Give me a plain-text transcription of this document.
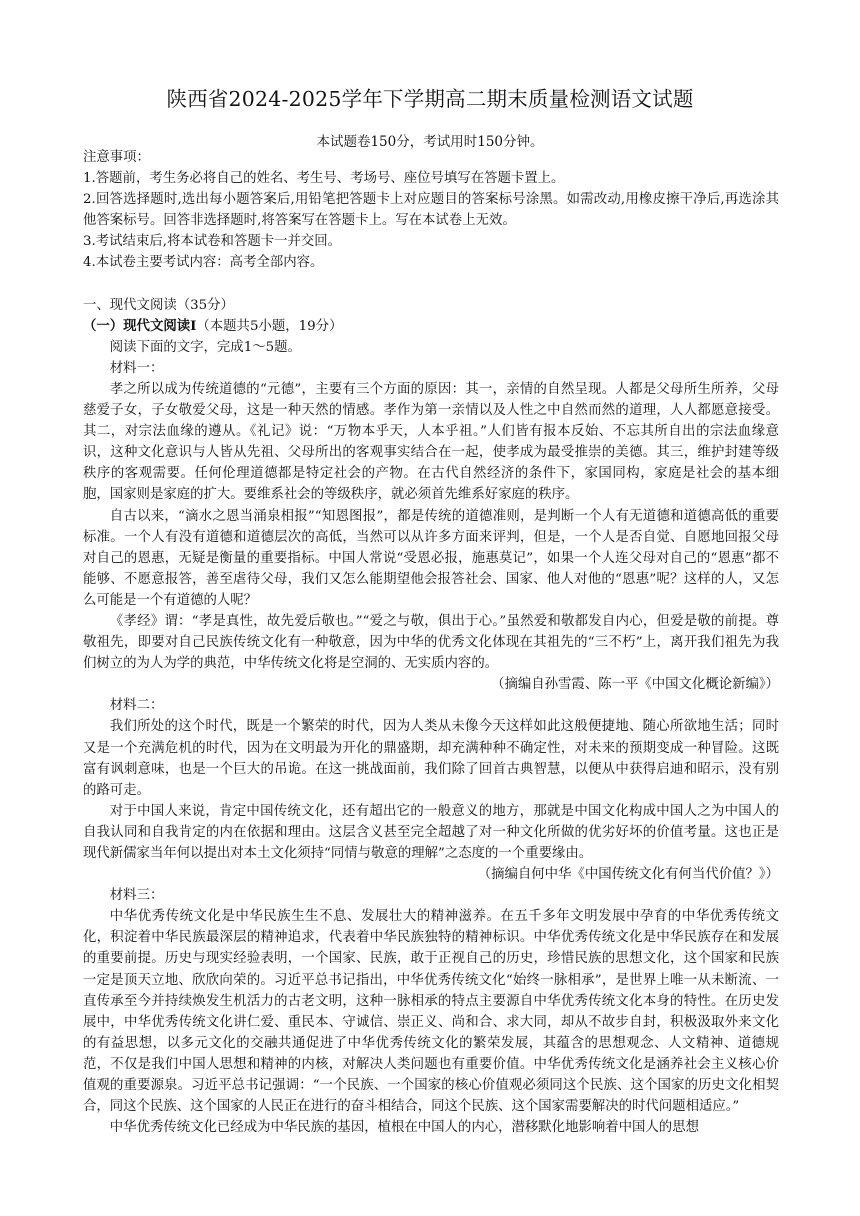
陕西省2024-2025学年下学期高二期末质量检测语文试题
本试题卷150分，考试用时150分钟。

注意事项：

1.答题前，考生务必将自己的姓名、考生号、考场号、座位号填写在答题卡置上。

2.回答选择题时,选出每小题答案后,用铅笔把答题卡上对应题目的答案标号涂黑。如需改动,用橡皮擦干净后,再选涂其他答案标号。回答非选择题时,将答案写在答题卡上。写在本试卷上无效。

3.考试结束后,将本试卷和答题卡一并交回。

4.本试卷主要考试内容：高考全部内容。

一、现代文阅读（35分）

（一）现代文阅读Ⅰ（本题共5小题，19分）

阅读下面的文字，完成1～5题。

材料一：

孝之所以成为传统道德的“元德”，主要有三个方面的原因：其一，亲情的自然呈现。人都是父母所生所养，父母慈爱子女，子女敬爱父母，这是一种天然的情感。孝作为第一亲情以及人性之中自然而然的道理，人人都愿意接受。其二，对宗法血缘的遵从。《礼记》说：“万物本乎天，人本乎祖。”人们皆有报本反始、不忘其所自出的宗法血缘意识，这种文化意识与人皆从先祖、父母所出的客观事实结合在一起，使孝成为最受推崇的美德。其三，维护封建等级秩序的客观需要。任何伦理道德都是特定社会的产物。在古代自然经济的条件下，家国同构，家庭是社会的基本细胞，国家则是家庭的扩大。要维系社会的等级秩序，就必须首先维系好家庭的秩序。

自古以来，“滴水之恩当涌泉相报”“知恩图报”，都是传统的道德准则，是判断一个人有无道德和道德高低的重要标准。一个人有没有道德和道德层次的高低，当然可以从许多方面来评判，但是，一个人是否自觉、自愿地回报父母对自己的恩惠，无疑是衡量的重要指标。中国人常说“受恩必报，施惠莫记”，如果一个人连父母对自己的“恩惠”都不能够、不愿意报答，善至虐待父母，我们又怎么能期望他会报答社会、国家、他人对他的“恩惠”呢？这样的人，又怎么可能是一个有道德的人呢？

《孝经》谓：“孝是真性，故先爱后敬也。”“爱之与敬，俱出于心。”虽然爱和敬都发自内心，但爱是敬的前提。尊敬祖先，即要对自己民族传统文化有一种敬意，因为中华的优秀文化体现在其祖先的“三不朽”上，离开我们祖先为我们树立的为人为学的典范，中华传统文化将是空洞的、无实质内容的。

（摘编自孙雪霞、陈一平《中国文化概论新编》）

材料二：

我们所处的这个时代，既是一个繁荣的时代，因为人类从未像今天这样如此这般便捷地、随心所欲地生活；同时又是一个充满危机的时代，因为在文明最为开化的鼎盛期，却充满种种不确定性，对未来的预期变成一种冒险。这既富有讽刺意味，也是一个巨大的吊诡。在这一挑战面前，我们除了回首古典智慧，以便从中获得启迪和昭示，没有别的路可走。

对于中国人来说，肯定中国传统文化，还有超出它的一般意义的地方，那就是中国文化构成中国人之为中国人的自我认同和自我肯定的内在依据和理由。这层含义甚至完全超越了对一种文化所做的优劣好坏的价值考量。这也正是现代新儒家当年何以提出对本土文化须持“同情与敬意的理解”之态度的一个重要缘由。

（摘编自何中华《中国传统文化有何当代价值？》）

材料三：

中华优秀传统文化是中华民族生生不息、发展壮大的精神滋养。在五千多年文明发展中孕育的中华优秀传统文化，积淀着中华民族最深层的精神追求，代表着中华民族独特的精神标识。中华优秀传统文化是中华民族存在和发展的重要前提。历史与现实经验表明，一个国家、民族，敢于正视自己的历史，珍惜民族的思想文化，这个国家和民族一定是顶天立地、欣欣向荣的。习近平总书记指出，中华优秀传统文化“始终一脉相承”，是世界上唯一从未断流、一直传承至今并持续焕发生机活力的古老文明，这种一脉相承的特点主要源自中华优秀传统文化本身的特性。在历史发展中，中华优秀传统文化讲仁爱、重民本、守诚信、崇正义、尚和合、求大同，却从不故步自封，积极汲取外来文化的有益思想，以多元文化的交融共通促进了中华优秀传统文化的繁荣发展，其蕴含的思想观念、人文精神、道德规范，不仅是我们中国人思想和精神的内核，对解决人类问题也有重要价值。中华优秀传统文化是涵养社会主义核心价值观的重要源泉。习近平总书记强调：“一个民族、一个国家的核心价值观必须同这个民族、这个国家的历史文化相契合，同这个民族、这个国家的人民正在进行的奋斗相结合，同这个民族、这个国家需要解决的时代问题相适应。”

中华优秀传统文化已经成为中华民族的基因，植根在中国人的内心，潜移默化地影响着中国人的思想
